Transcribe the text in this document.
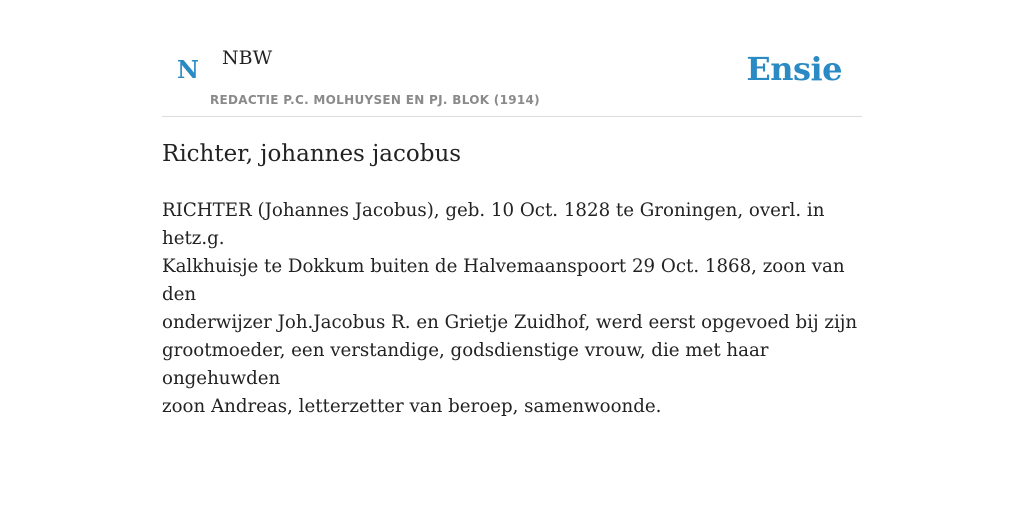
N NBW
REDACTIE P.C. MOLHUYSEN EN PJ. BLOK (1914)
Ensie
Richter, johannes jacobus
RICHTER (Johannes Jacobus), geb. 10 Oct. 1828 te Groningen, overl. in hetz.g.
Kalkhuisje te Dokkum buiten de Halvemaanspoort 29 Oct. 1868, zoon van den
onderwijzer Joh.Jacobus R. en Grietje Zuidhof, werd eerst opgevoed bij zijn
grootmoeder, een verstandige, godsdienstige vrouw, die met haar ongehuwden
zoon Andreas, letterzetter van beroep, samenwoonde.
